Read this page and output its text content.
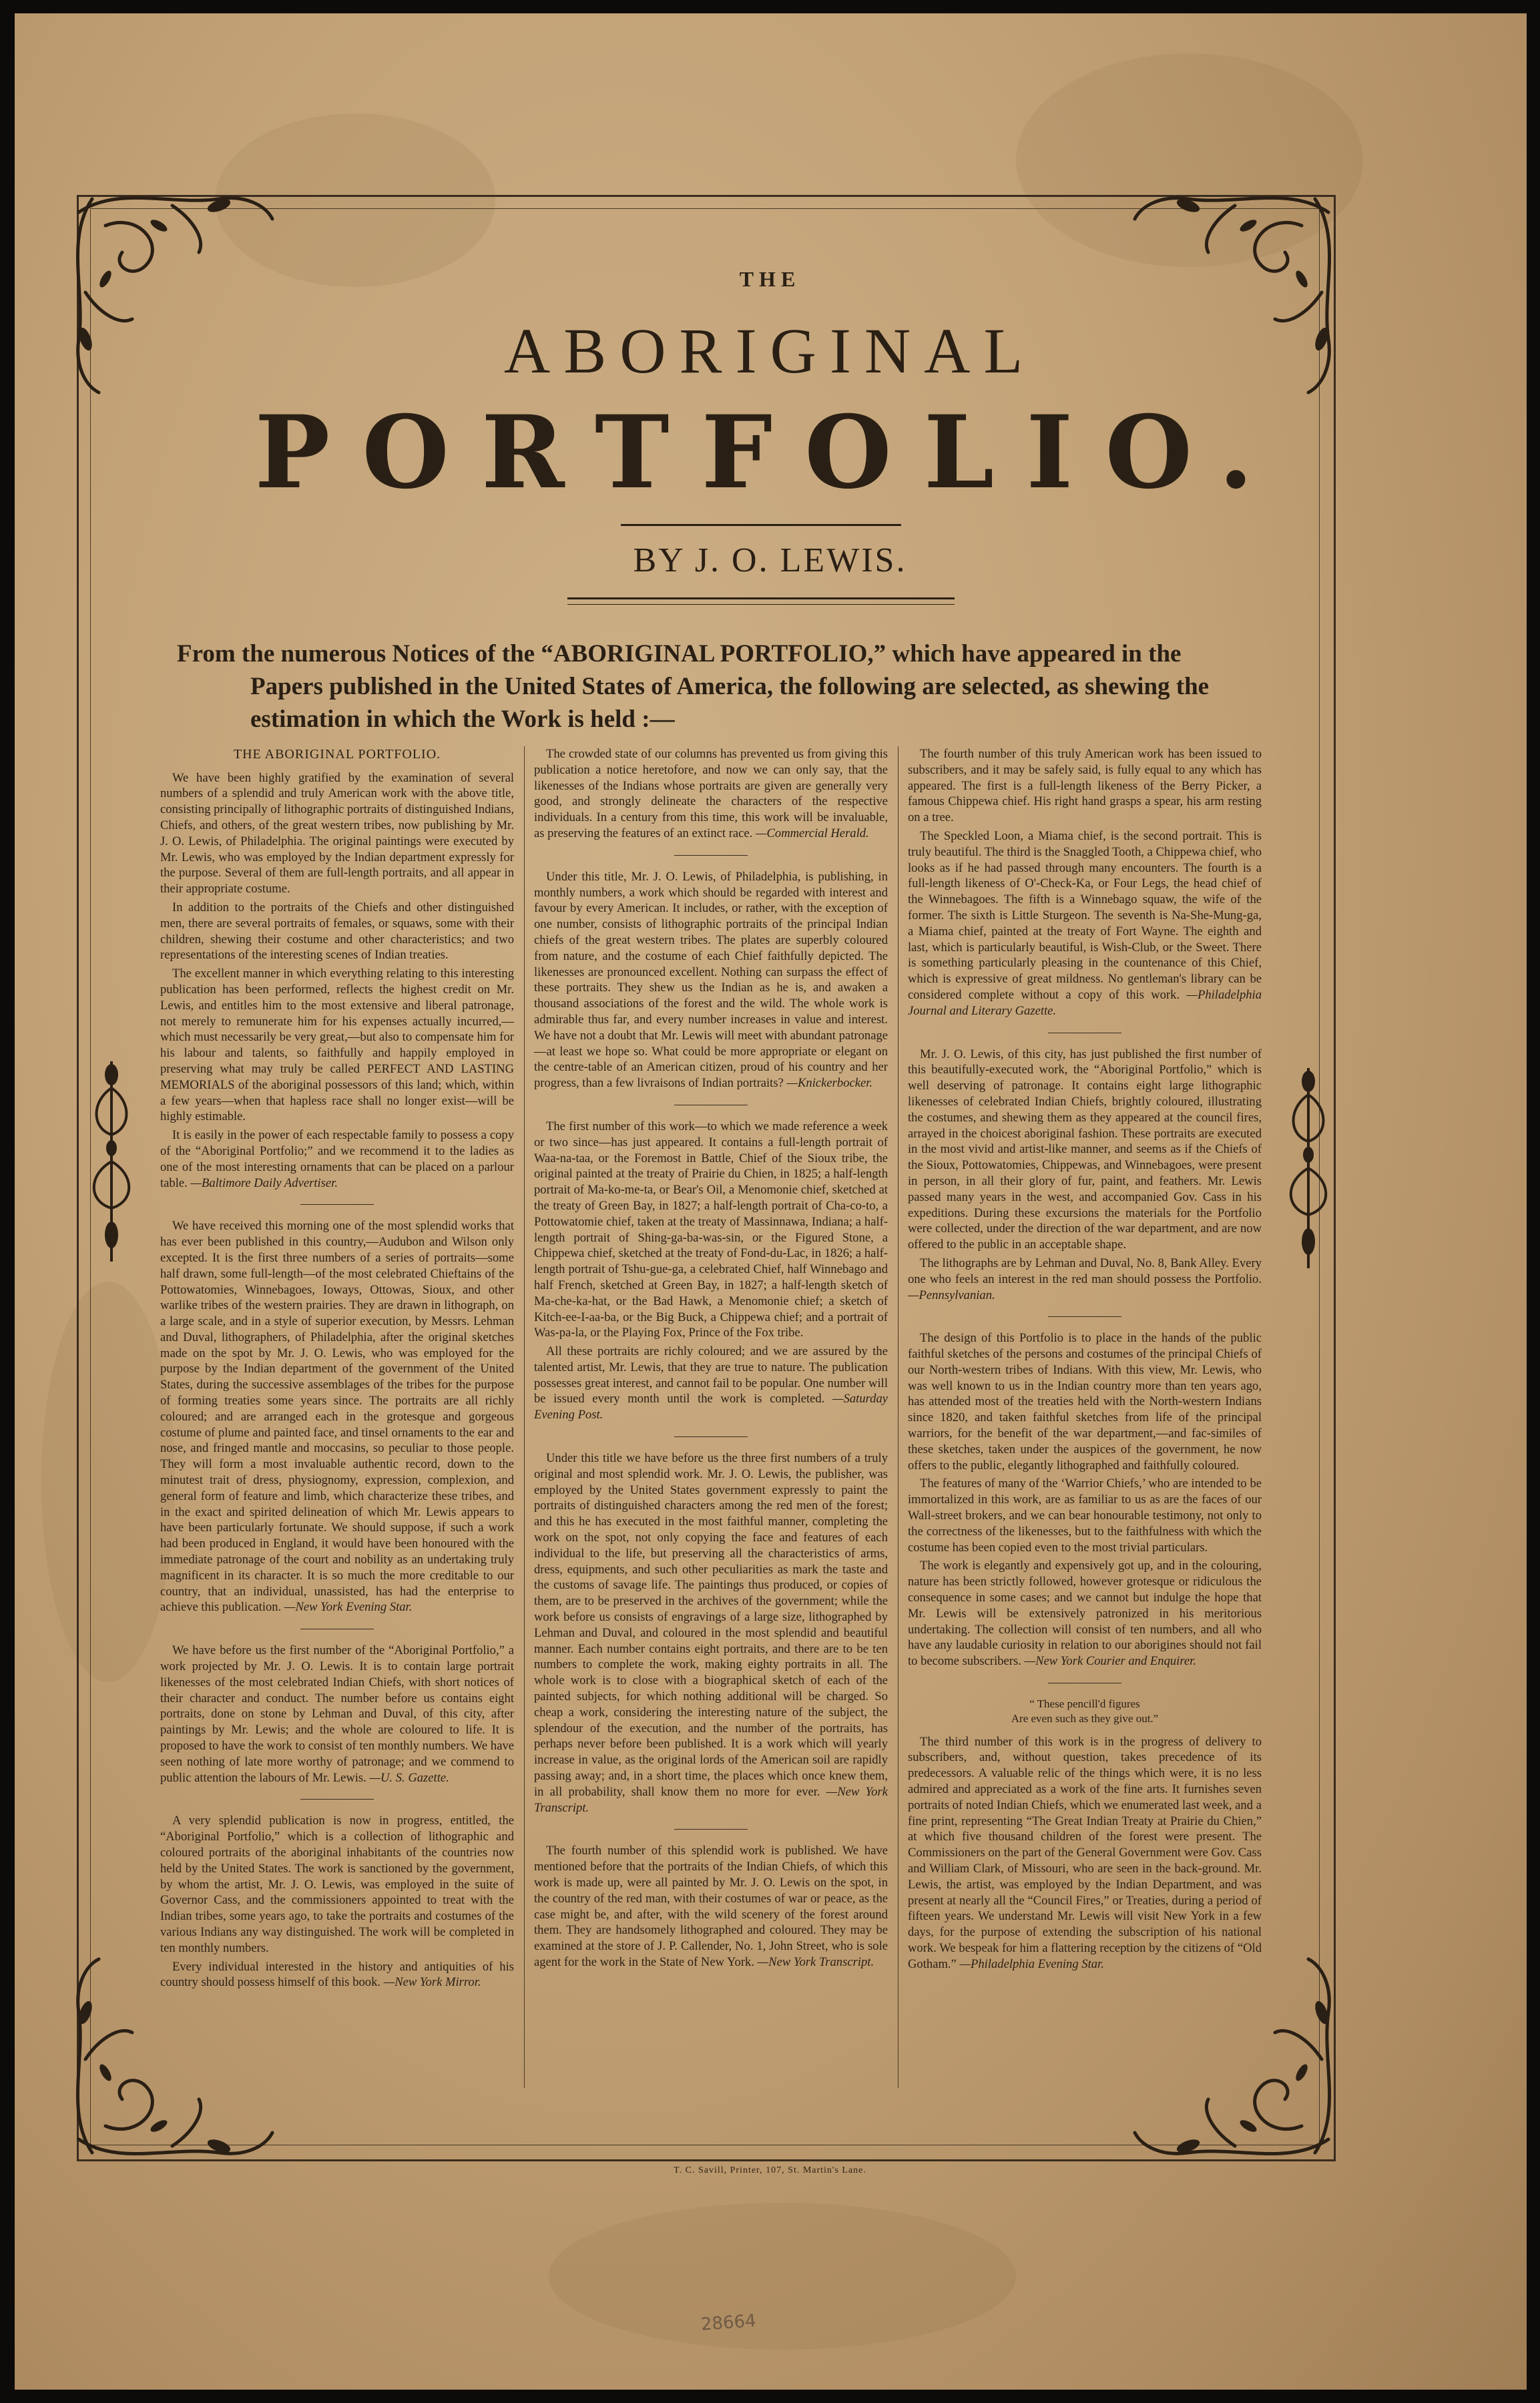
THE
ABORIGINAL
PORTFOLIO.
BY J. O. LEWIS.
From the numerous Notices of the “ABORIGINAL PORTFOLIO,” which have appeared in the
Papers published in the United States of America, the following are selected, as shewing the
estimation in which the Work is held :—

THE ABORIGINAL PORTFOLIO.

We have been highly gratified by the examination of several numbers of a splendid and truly American work with the above title, consisting principally of lithographic portraits of distinguished Indians, Chiefs, and others, of the great western tribes, now publishing by Mr. J. O. Lewis, of Philadelphia. The original paintings were executed by Mr. Lewis, who was employed by the Indian department expressly for the purpose. Several of them are full-length portraits, and all appear in their appropriate costume.

In addition to the portraits of the Chiefs and other distinguished men, there are several portraits of females, or squaws, some with their children, shewing their costume and other characteristics; and two representations of the interesting scenes of Indian treaties.

The excellent manner in which everything relating to this interesting publication has been performed, reflects the highest credit on Mr. Lewis, and entitles him to the most extensive and liberal patronage, not merely to remunerate him for his expenses actually incurred,—which must necessarily be very great,—but also to compensate him for his labour and talents, so faithfully and happily employed in preserving what may truly be called PERFECT AND LASTING MEMORIALS of the aboriginal possessors of this land; which, within a few years—when that hapless race shall no longer exist—will be highly estimable.

It is easily in the power of each respectable family to possess a copy of the “Aboriginal Portfolio;” and we recommend it to the ladies as one of the most interesting ornaments that can be placed on a parlour table. —Baltimore Daily Advertiser.

We have received this morning one of the most splendid works that has ever been published in this country,—Audubon and Wilson only excepted. It is the first three numbers of a series of portraits—some half drawn, some full-length—of the most celebrated Chieftains of the Pottowatomies, Winnebagoes, Ioways, Ottowas, Sioux, and other warlike tribes of the western prairies. They are drawn in lithograph, on a large scale, and in a style of superior execution, by Messrs. Lehman and Duval, lithographers, of Philadelphia, after the original sketches made on the spot by Mr. J. O. Lewis, who was employed for the purpose by the Indian department of the government of the United States, during the successive assemblages of the tribes for the purpose of forming treaties some years since. The portraits are all richly coloured; and are arranged each in the grotesque and gorgeous costume of plume and painted face, and tinsel ornaments to the ear and nose, and fringed mantle and moccasins, so peculiar to those people. They will form a most invaluable authentic record, down to the minutest trait of dress, physiognomy, expression, complexion, and general form of feature and limb, which characterize these tribes, and in the exact and spirited delineation of which Mr. Lewis appears to have been particularly fortunate. We should suppose, if such a work had been produced in England, it would have been honoured with the immediate patronage of the court and nobility as an undertaking truly magnificent in its character. It is so much the more creditable to our country, that an individual, unassisted, has had the enterprise to achieve this publication. —New York Evening Star.

We have before us the first number of the “Aboriginal Portfolio,” a work projected by Mr. J. O. Lewis. It is to contain large portrait likenesses of the most celebrated Indian Chiefs, with short notices of their character and conduct. The number before us contains eight portraits, done on stone by Lehman and Duval, of this city, after paintings by Mr. Lewis; and the whole are coloured to life. It is proposed to have the work to consist of ten monthly numbers. We have seen nothing of late more worthy of patronage; and we commend to public attention the labours of Mr. Lewis. —U. S. Gazette.

A very splendid publication is now in progress, entitled, the “Aboriginal Portfolio,” which is a collection of lithographic and coloured portraits of the aboriginal inhabitants of the countries now held by the United States. The work is sanctioned by the government, by whom the artist, Mr. J. O. Lewis, was employed in the suite of Governor Cass, and the commissioners appointed to treat with the Indian tribes, some years ago, to take the portraits and costumes of the various Indians any way distinguished. The work will be completed in ten monthly numbers.

Every individual interested in the history and antiquities of his country should possess himself of this book. —New York Mirror.

The crowded state of our columns has prevented us from giving this publication a notice heretofore, and now we can only say, that the likenesses of the Indians whose portraits are given are generally very good, and strongly delineate the characters of the respective individuals. In a century from this time, this work will be invaluable, as preserving the features of an extinct race. —Commercial Herald.

Under this title, Mr. J. O. Lewis, of Philadelphia, is publishing, in monthly numbers, a work which should be regarded with interest and favour by every American. It includes, or rather, with the exception of one number, consists of lithographic portraits of the principal Indian chiefs of the great western tribes. The plates are superbly coloured from nature, and the costume of each Chief faithfully depicted. The likenesses are pronounced excellent. Nothing can surpass the effect of these portraits. They shew us the Indian as he is, and awaken a thousand associations of the forest and the wild. The whole work is admirable thus far, and every number increases in value and interest. We have not a doubt that Mr. Lewis will meet with abundant patronage—at least we hope so. What could be more appropriate or elegant on the centre-table of an American citizen, proud of his country and her progress, than a few livraisons of Indian portraits? —Knickerbocker.

The first number of this work—to which we made reference a week or two since—has just appeared. It contains a full-length portrait of Waa-na-taa, or the Foremost in Battle, Chief of the Sioux tribe, the original painted at the treaty of Prairie du Chien, in 1825; a half-length portrait of Ma-ko-me-ta, or Bear's Oil, a Menomonie chief, sketched at the treaty of Green Bay, in 1827; a half-length portrait of Cha-co-to, a Pottowatomie chief, taken at the treaty of Massinnawa, Indiana; a half-length portrait of Shing-ga-ba-was-sin, or the Figured Stone, a Chippewa chief, sketched at the treaty of Fond-du-Lac, in 1826; a half-length portrait of Tshu-gue-ga, a celebrated Chief, half Winnebago and half French, sketched at Green Bay, in 1827; a half-length sketch of Ma-che-ka-hat, or the Bad Hawk, a Menomonie chief; a sketch of Kitch-ee-I-aa-ba, or the Big Buck, a Chippewa chief; and a portrait of Was-pa-la, or the Playing Fox, Prince of the Fox tribe.

All these portraits are richly coloured; and we are assured by the talented artist, Mr. Lewis, that they are true to nature. The publication possesses great interest, and cannot fail to be popular. One number will be issued every month until the work is completed. —Saturday Evening Post.

Under this title we have before us the three first numbers of a truly original and most splendid work. Mr. J. O. Lewis, the publisher, was employed by the United States government expressly to paint the portraits of distinguished characters among the red men of the forest; and this he has executed in the most faithful manner, completing the work on the spot, not only copying the face and features of each individual to the life, but preserving all the characteristics of arms, dress, equipments, and such other peculiarities as mark the taste and the customs of savage life. The paintings thus produced, or copies of them, are to be preserved in the archives of the government; while the work before us consists of engravings of a large size, lithographed by Lehman and Duval, and coloured in the most splendid and beautiful manner. Each number contains eight portraits, and there are to be ten numbers to complete the work, making eighty portraits in all. The whole work is to close with a biographical sketch of each of the painted subjects, for which nothing additional will be charged. So cheap a work, considering the interesting nature of the subject, the splendour of the execution, and the number of the portraits, has perhaps never before been published. It is a work which will yearly increase in value, as the original lords of the American soil are rapidly passing away; and, in a short time, the places which once knew them, in all probability, shall know them no more for ever. —New York Transcript.

The fourth number of this splendid work is published. We have mentioned before that the portraits of the Indian Chiefs, of which this work is made up, were all painted by Mr. J. O. Lewis on the spot, in the country of the red man, with their costumes of war or peace, as the case might be, and after, with the wild scenery of the forest around them. They are handsomely lithographed and coloured. They may be examined at the store of J. P. Callender, No. 1, John Street, who is sole agent for the work in the State of New York. —New York Transcript.

The fourth number of this truly American work has been issued to subscribers, and it may be safely said, is fully equal to any which has appeared. The first is a full-length likeness of the Berry Picker, a famous Chippewa chief. His right hand grasps a spear, his arm resting on a tree.

The Speckled Loon, a Miama chief, is the second portrait. This is truly beautiful. The third is the Snaggled Tooth, a Chippewa chief, who looks as if he had passed through many encounters. The fourth is a full-length likeness of O'-Check-Ka, or Four Legs, the head chief of the Winnebagoes. The fifth is a Winnebago squaw, the wife of the former. The sixth is Little Sturgeon. The seventh is Na-She-Mung-ga, a Miama chief, painted at the treaty of Fort Wayne. The eighth and last, which is particularly beautiful, is Wish-Club, or the Sweet. There is something particularly pleasing in the countenance of this Chief, which is expressive of great mildness. No gentleman's library can be considered complete without a copy of this work. —Philadelphia Journal and Literary Gazette.

Mr. J. O. Lewis, of this city, has just published the first number of this beautifully-executed work, the “Aboriginal Portfolio,” which is well deserving of patronage. It contains eight large lithographic likenesses of celebrated Indian Chiefs, brightly coloured, illustrating the costumes, and shewing them as they appeared at the council fires, arrayed in the choicest aboriginal fashion. These portraits are executed in the most vivid and artist-like manner, and seems as if the Chiefs of the Sioux, Pottowatomies, Chippewas, and Winnebagoes, were present in person, in all their glory of fur, paint, and feathers. Mr. Lewis passed many years in the west, and accompanied Gov. Cass in his expeditions. During these excursions the materials for the Portfolio were collected, under the direction of the war department, and are now offered to the public in an acceptable shape.

The lithographs are by Lehman and Duval, No. 8, Bank Alley. Every one who feels an interest in the red man should possess the Portfolio. —Pennsylvanian.

The design of this Portfolio is to place in the hands of the public faithful sketches of the persons and costumes of the principal Chiefs of our North-western tribes of Indians. With this view, Mr. Lewis, who was well known to us in the Indian country more than ten years ago, has attended most of the treaties held with the North-western Indians since 1820, and taken faithful sketches from life of the principal warriors, for the benefit of the war department,—and fac-similes of these sketches, taken under the auspices of the government, he now offers to the public, elegantly lithographed and faithfully coloured.

The features of many of the ‘Warrior Chiefs,’ who are intended to be immortalized in this work, are as familiar to us as are the faces of our Wall-street brokers, and we can bear honourable testimony, not only to the correctness of the likenesses, but to the faithfulness with which the costume has been copied even to the most trivial particulars.

The work is elegantly and expensively got up, and in the colouring, nature has been strictly followed, however grotesque or ridiculous the consequence in some cases; and we cannot but indulge the hope that Mr. Lewis will be extensively patronized in his meritorious undertaking. The collection will consist of ten numbers, and all who have any laudable curiosity in relation to our aborigines should not fail to become subscribers. —New York Courier and Enquirer.

“ These pencill'd figures
Are even such as they give out.”

The third number of this work is in the progress of delivery to subscribers, and, without question, takes precedence of its predecessors. A valuable relic of the things which were, it is no less admired and appreciated as a work of the fine arts. It furnishes seven portraits of noted Indian Chiefs, which we enumerated last week, and a fine print, representing “The Great Indian Treaty at Prairie du Chien,” at which five thousand children of the forest were present. The Commissioners on the part of the General Government were Gov. Cass and William Clark, of Missouri, who are seen in the back-ground. Mr. Lewis, the artist, was employed by the Indian Department, and was present at nearly all the “Council Fires,” or Treaties, during a period of fifteen years. We understand Mr. Lewis will visit New York in a few days, for the purpose of extending the subscription of his national work. We bespeak for him a flattering reception by the citizens of “Old Gotham.” —Philadelphia Evening Star.

T. C. Savill, Printer, 107, St. Martin's Lane.
28664
